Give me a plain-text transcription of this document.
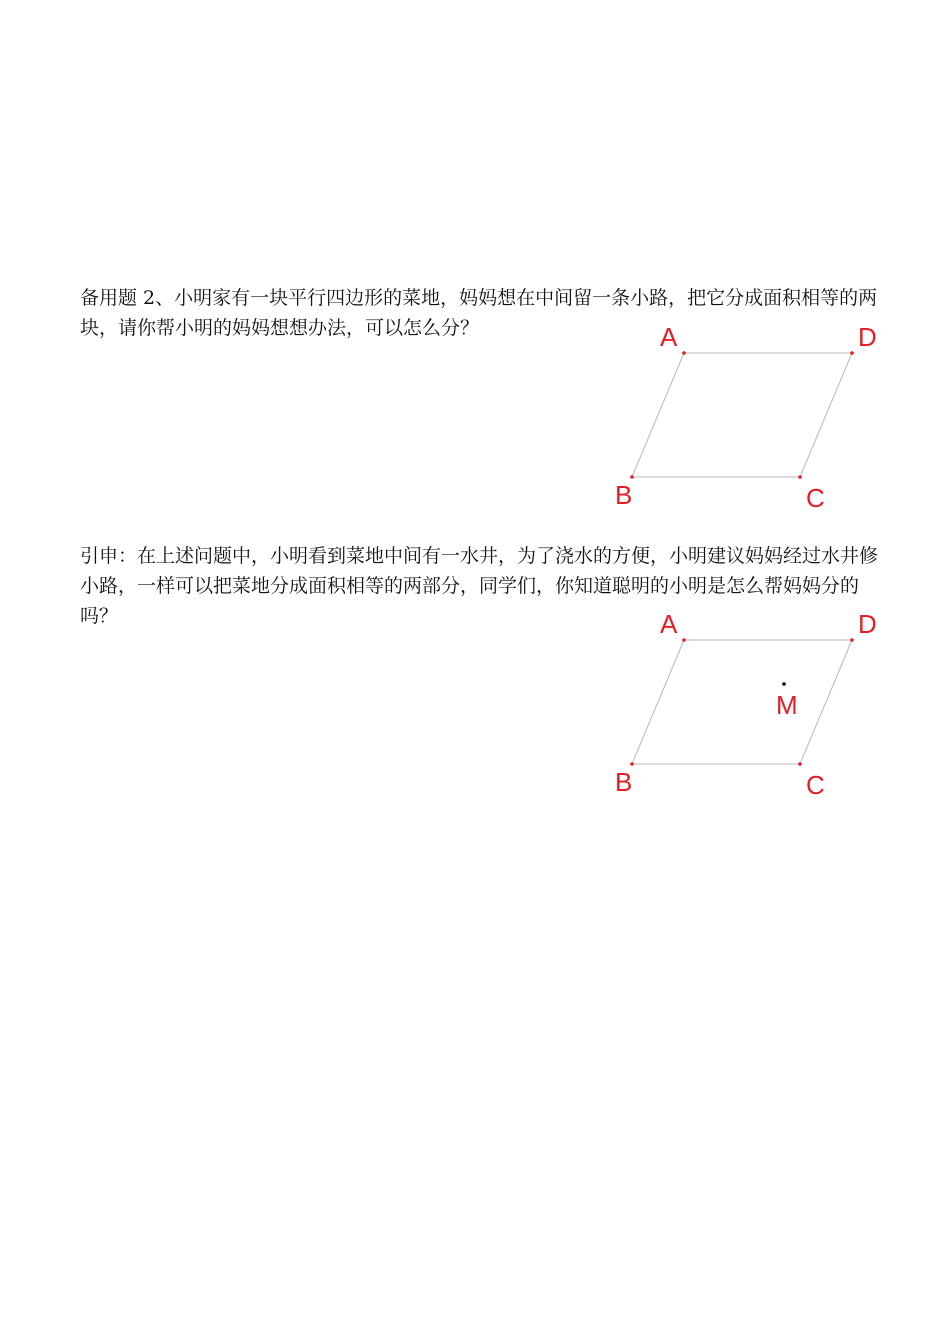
备用题 2、小明家有一块平行四边形的菜地，妈妈想在中间留一条小路，把它分成面积相等的两块，请你帮小明的妈妈想想办法，可以怎么分？	A	D
B	C

引申：在上述问题中，小明看到菜地中间有一水井，为了浇水的方便，小明建议妈妈经过水井修小路，一样可以把菜地分成面积相等的两部分，同学们，你知道聪明的小明是怎么帮妈妈分的吗？	A	D
M
B	C
